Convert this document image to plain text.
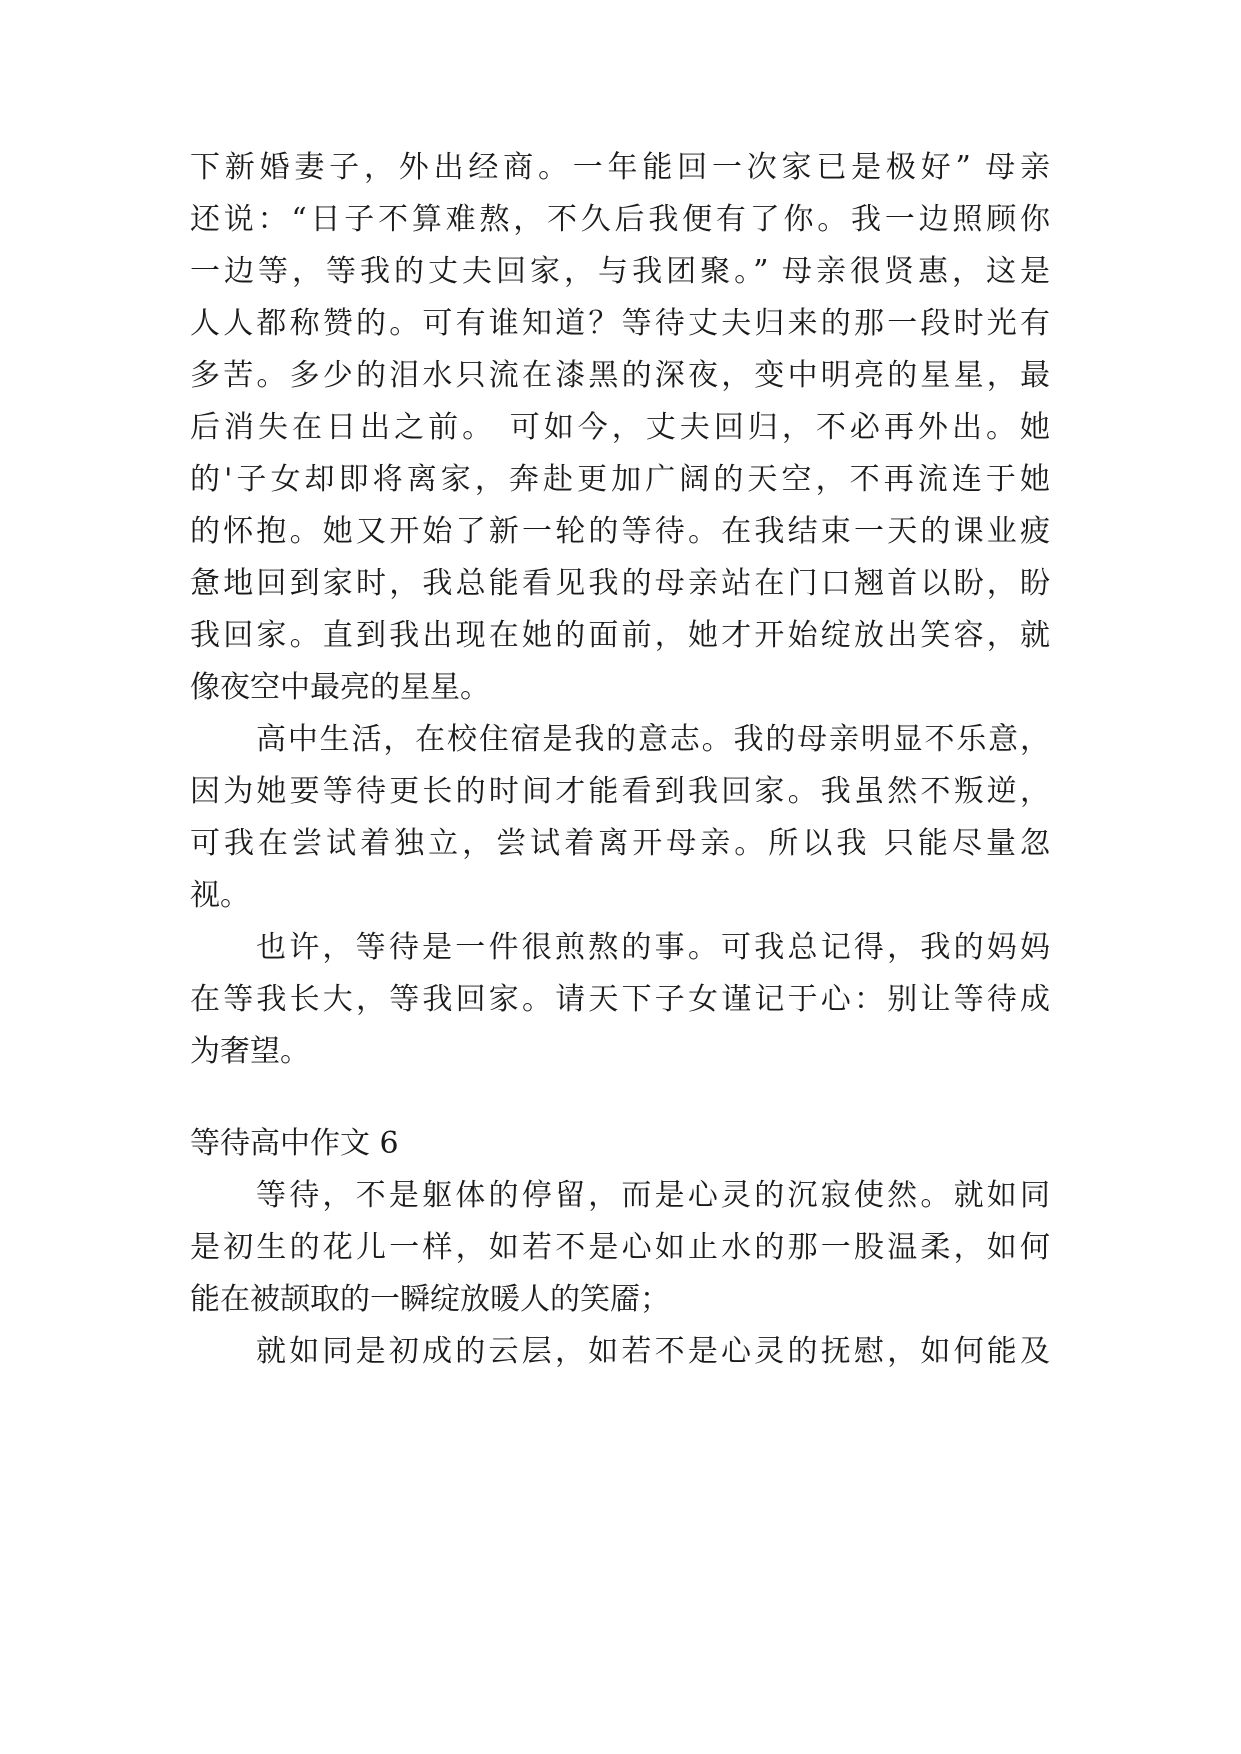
下新婚妻子，外出经商。一年能回一次家已是极好” 母亲
还说：“日子不算难熬，不久后我便有了你。我一边照顾你
一边等，等我的丈夫回家，与我团聚。” 母亲很贤惠，这是
人人都称赞的。可有谁知道？等待丈夫归来的那一段时光有
多苦。多少的泪水只流在漆黑的深夜，变中明亮的星星，最
后消失在日出之前。 可如今，丈夫回归，不必再外出。她
的'子女却即将离家，奔赴更加广阔的天空，不再流连于她
的怀抱。她又开始了新一轮的等待。在我结束一天的课业疲
惫地回到家时，我总能看见我的母亲站在门口翘首以盼，盼
我回家。直到我出现在她的面前，她才开始绽放出笑容，就
像夜空中最亮的星星。
高中生活，在校住宿是我的意志。我的母亲明显不乐意，
因为她要等待更长的时间才能看到我回家。我虽然不叛逆，
可我在尝试着独立，尝试着离开母亲。所以我 只能尽量忽
视。
也许，等待是一件很煎熬的事。可我总记得，我的妈妈
在等我长大，等我回家。请天下子女谨记于心：别让等待成
为奢望。
等待高中作文 6
等待，不是躯体的停留，而是心灵的沉寂使然。就如同
是初生的花儿一样，如若不是心如止水的那一股温柔，如何
能在被颉取的一瞬绽放暖人的笑靥；
就如同是初成的云层，如若不是心灵的抚慰，如何能及
